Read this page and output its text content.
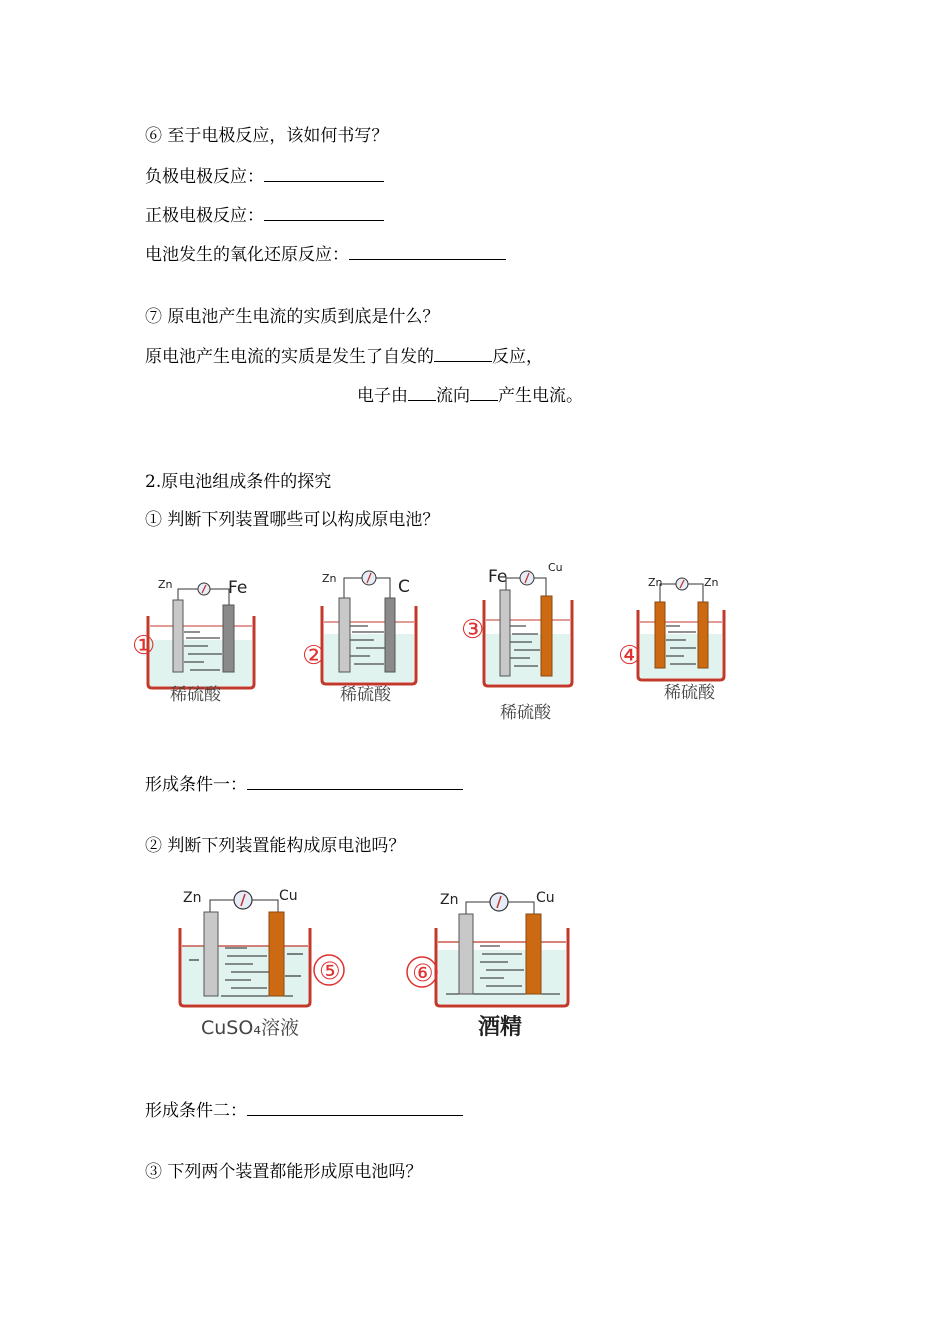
⑥ 至于电极反应，该如何书写？
负极电极反应：
正极电极反应：
电池发生的氧化还原反应：
⑦ 原电池产生电流的实质到底是什么？
原电池产生电流的实质是发生了自发的	反应，
电子由 流向 产生电流。
2.原电池组成条件的探究
① 判断下列装置哪些可以构成原电池？
Zn	Fe
①
稀硫酸
Zn	C
②
稀硫酸
Fe	Cu
③
稀硫酸
Zn	Zn
④
稀硫酸
形成条件一：
② 判断下列装置能构成原电池吗？
Zn	Cu
⑤
CuSO₄溶液
Zn	Cu
⑥
酒精
形成条件二：
③ 下列两个装置都能形成原电池吗？
